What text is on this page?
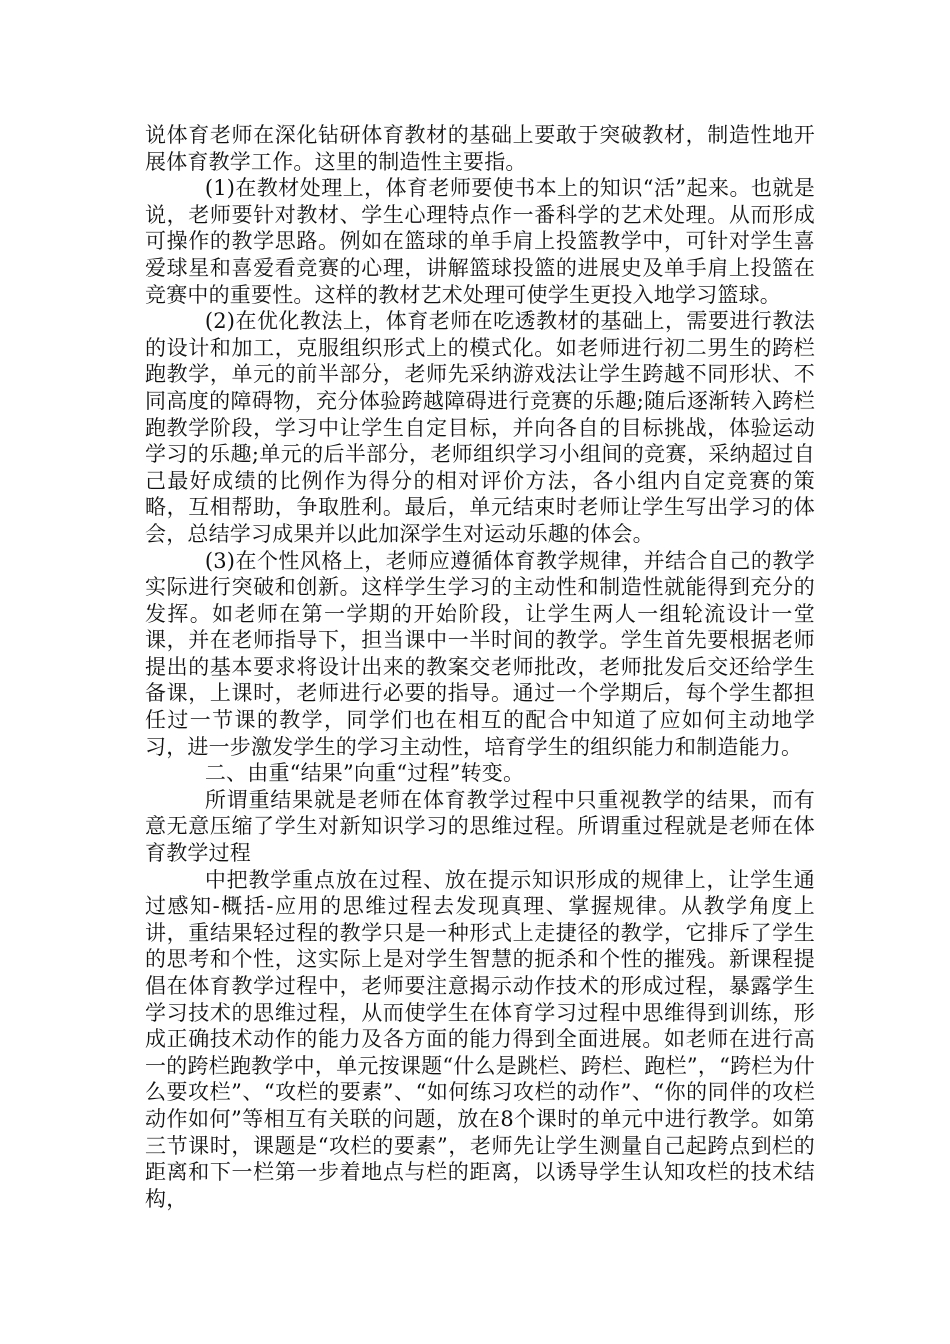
说体育老师在深化钻研体育教材的基础上要敢于突破教材，制造性地开展体育教学工作。这里的制造性主要指。

(1)在教材处理上，体育老师要使书本上的知识“活”起来。也就是说，老师要针对教材、学生心理特点作一番科学的艺术处理。从而形成可操作的教学思路。例如在篮球的单手肩上投篮教学中，可针对学生喜爱球星和喜爱看竞赛的心理，讲解篮球投篮的进展史及单手肩上投篮在竞赛中的重要性。这样的教材艺术处理可使学生更投入地学习篮球。

(2)在优化教法上，体育老师在吃透教材的基础上，需要进行教法的设计和加工，克服组织形式上的模式化。如老师进行初二男生的跨栏跑教学，单元的前半部分，老师先采纳游戏法让学生跨越不同形状、不同高度的障碍物，充分体验跨越障碍进行竞赛的乐趣;随后逐渐转入跨栏跑教学阶段，学习中让学生自定目标，并向各自的目标挑战，体验运动学习的乐趣;单元的后半部分，老师组织学习小组间的竞赛，采纳超过自己最好成绩的比例作为得分的相对评价方法，各小组内自定竞赛的策略，互相帮助，争取胜利。最后，单元结束时老师让学生写出学习的体会，总结学习成果并以此加深学生对运动乐趣的体会。

(3)在个性风格上，老师应遵循体育教学规律，并结合自己的教学实际进行突破和创新。这样学生学习的主动性和制造性就能得到充分的发挥。如老师在第一学期的开始阶段，让学生两人一组轮流设计一堂课，并在老师指导下，担当课中一半时间的教学。学生首先要根据老师提出的基本要求将设计出来的教案交老师批改，老师批发后交还给学生备课，上课时，老师进行必要的指导。通过一个学期后，每个学生都担任过一节课的教学，同学们也在相互的配合中知道了应如何主动地学习，进一步激发学生的学习主动性，培育学生的组织能力和制造能力。

二、由重“结果”向重“过程”转变。

所谓重结果就是老师在体育教学过程中只重视教学的结果，而有意无意压缩了学生对新知识学习的思维过程。所谓重过程就是老师在体育教学过程

中把教学重点放在过程、放在提示知识形成的规律上，让学生通过感知-概括-应用的思维过程去发现真理、掌握规律。从教学角度上讲，重结果轻过程的教学只是一种形式上走捷径的教学，它排斥了学生的思考和个性，这实际上是对学生智慧的扼杀和个性的摧残。新课程提倡在体育教学过程中，老师要注意揭示动作技术的形成过程，暴露学生学习技术的思维过程，从而使学生在体育学习过程中思维得到训练，形成正确技术动作的能力及各方面的能力得到全面进展。如老师在进行高一的跨栏跑教学中，单元按课题“什么是跳栏、跨栏、跑栏”，“跨栏为什么要攻栏”、“攻栏的要素”、“如何练习攻栏的动作”、“你的同伴的攻栏动作如何”等相互有关联的问题，放在8个课时的单元中进行教学。如第三节课时，课题是“攻栏的要素”，老师先让学生测量自己起跨点到栏的距离和下一栏第一步着地点与栏的距离，以诱导学生认知攻栏的技术结构，
